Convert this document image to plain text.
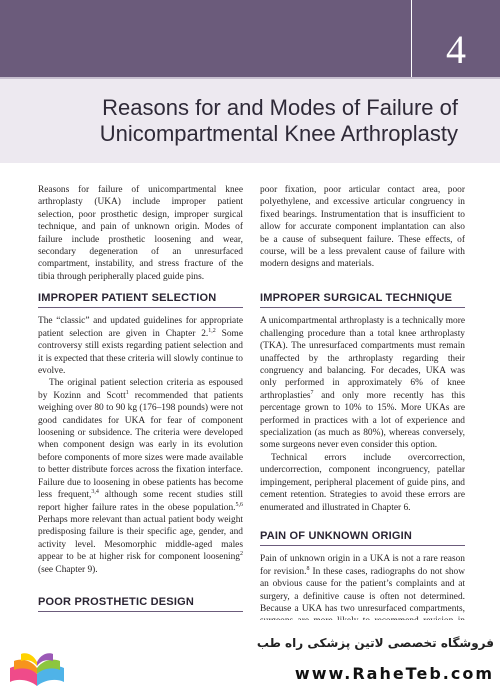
4
Reasons for and Modes of Failure of
Unicompartmental Knee Arthroplasty

Reasons for failure of unicompartmental knee arthroplasty (UKA) include improper patient selection, poor prosthetic design, improper surgical technique, and pain of unknown origin. Modes of failure include prosthetic loosening and wear, secondary degeneration of an unresurfaced compartment, instability, and stress fracture of the tibia through peripherally placed guide pins.

IMPROPER PATIENT SELECTION

The “classic” and updated guidelines for appropriate patient selection are given in Chapter 2.$^{1,2}$ Some controversy still exists regarding patient selection and it is expected that these criteria will slowly continue to evolve.

The original patient selection criteria as espoused by Kozinn and Scott$^1$ recommended that patients weighing over 80 to 90 kg (176–198 pounds) were not good candidates for UKA for fear of component loosening or subsidence. The criteria were developed when component design was early in its evolution before components of more sizes were made available to better distribute forces across the fixation interface. Failure due to loosening in obese patients has become less frequent,$^{3,4}$ although some recent studies still report higher failure rates in the obese population.$^{5,6}$ Perhaps more relevant than actual patient body weight predisposing failure is their specific age, gender, and activity level. Mesomorphic middle-aged males appear to be at higher risk for component loosening$^2$ (see Chapter 9).

POOR PROSTHETIC DESIGN

poor fixation, poor articular contact area, poor polyethylene, and excessive articular congruency in fixed bearings. Instrumentation that is insufficient to allow for accurate component implantation can also be a cause of subsequent failure. These effects, of course, will be a less prevalent cause of failure with modern designs and materials.

IMPROPER SURGICAL TECHNIQUE

A unicompartmental arthroplasty is a technically more challenging procedure than a total knee arthroplasty (TKA). The unresurfaced compartments must remain unaffected by the arthroplasty regarding their congruency and balancing. For decades, UKA was only performed in approximately 6% of knee arthroplasties$^7$ and only more recently has this percentage grown to 10% to 15%. More UKAs are performed in practices with a lot of experience and specialization (as much as 80%), whereas conversely, some surgeons never even consider this option.

Technical errors include overcorrection, undercorrection, component incongruency, patellar impingement, peripheral placement of guide pins, and cement retention. Strategies to avoid these errors are enumerated and illustrated in Chapter 6.

PAIN OF UNKNOWN ORIGIN

Pain of unknown origin in a UKA is not a rare reason for revision.$^8$ In these cases, radiographs do not show an obvious cause for the patient’s complaints and at surgery, a definitive cause is often not determined. Because a UKA has two unresurfaced compartments,

فروشگاه تخصصی لاتین پزشکی راه طب
www.RaheTeb.com
